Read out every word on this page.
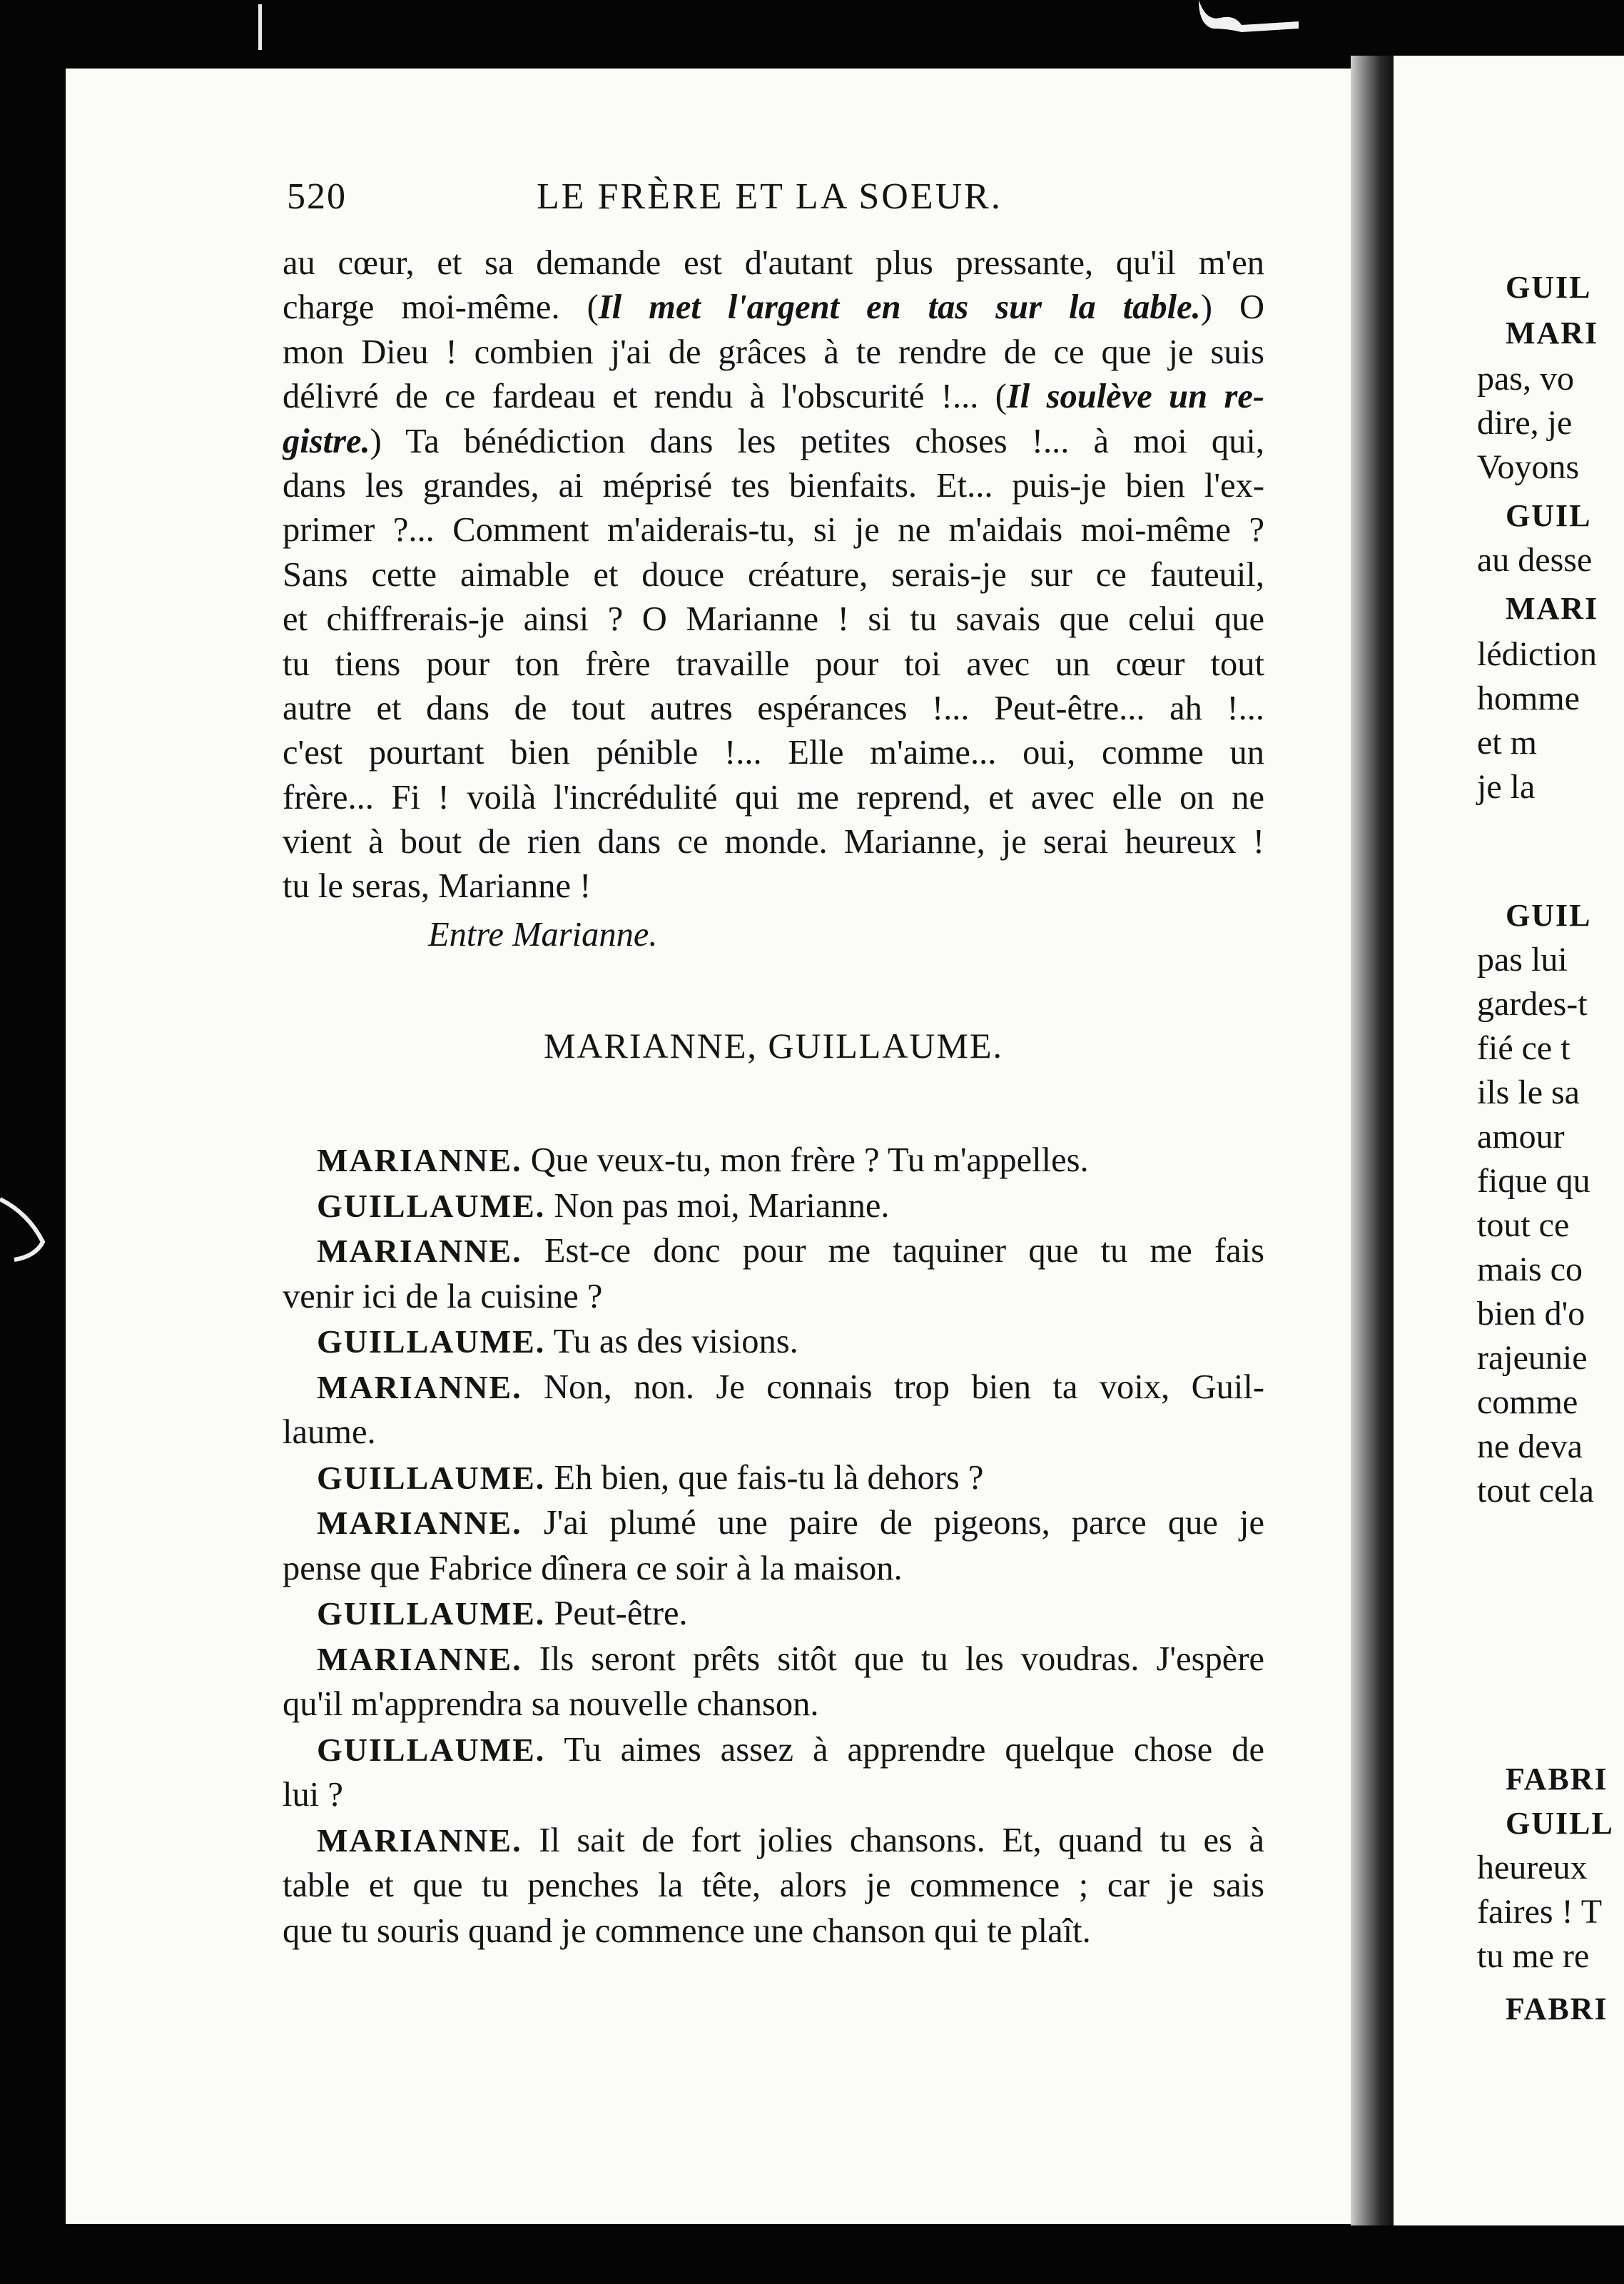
520	LE FRÈRE ET LA SOEUR.
au cœur, et sa demande est d'autant plus pressante, qu'il m'en
charge moi-même. (Il met l'argent en tas sur la table.) O
mon Dieu ! combien j'ai de grâces à te rendre de ce que je suis
délivré de ce fardeau et rendu à l'obscurité !... (Il soulève un re-
gistre.) Ta bénédiction dans les petites choses !... à moi qui,
dans les grandes, ai méprisé tes bienfaits. Et... puis-je bien l'ex-
primer ?... Comment m'aiderais-tu, si je ne m'aidais moi-même ?
Sans cette aimable et douce créature, serais-je sur ce fauteuil,
et chiffrerais-je ainsi ? O Marianne ! si tu savais que celui que
tu tiens pour ton frère travaille pour toi avec un cœur tout
autre et dans de tout autres espérances !... Peut-être... ah !...
c'est pourtant bien pénible !... Elle m'aime... oui, comme un
frère... Fi ! voilà l'incrédulité qui me reprend, et avec elle on ne
vient à bout de rien dans ce monde. Marianne, je serai heureux !
tu le seras, Marianne !
Entre Marianne.
MARIANNE, GUILLAUME.
MARIANNE. Que veux-tu, mon frère ? Tu m'appelles.
GUILLAUME. Non pas moi, Marianne.
MARIANNE. Est-ce donc pour me taquiner que tu me fais
venir ici de la cuisine ?
GUILLAUME. Tu as des visions.
MARIANNE. Non, non. Je connais trop bien ta voix, Guil-
laume.
GUILLAUME. Eh bien, que fais-tu là dehors ?
MARIANNE. J'ai plumé une paire de pigeons, parce que je
pense que Fabrice dînera ce soir à la maison.
GUILLAUME. Peut-être.
MARIANNE. Ils seront prêts sitôt que tu les voudras. J'espère
qu'il m'apprendra sa nouvelle chanson.
GUILLAUME. Tu aimes assez à apprendre quelque chose de
lui ?
MARIANNE. Il sait de fort jolies chansons. Et, quand tu es à
table et que tu penches la tête, alors je commence ; car je sais
que tu souris quand je commence une chanson qui te plaît.
GUIL
MARI
pas, vo
dire, je
Voyons
GUIL
au desse
MARI
lédiction
homme
et m
je la
GUIL
pas lui
gardes-t
fié ce t
ils le sa
amour
fique qu
tout ce
mais co
bien d'o
rajeunie
comme
ne deva
tout cela
FABRI
GUILL
heureux
faires ! T
tu me re
FABRI
